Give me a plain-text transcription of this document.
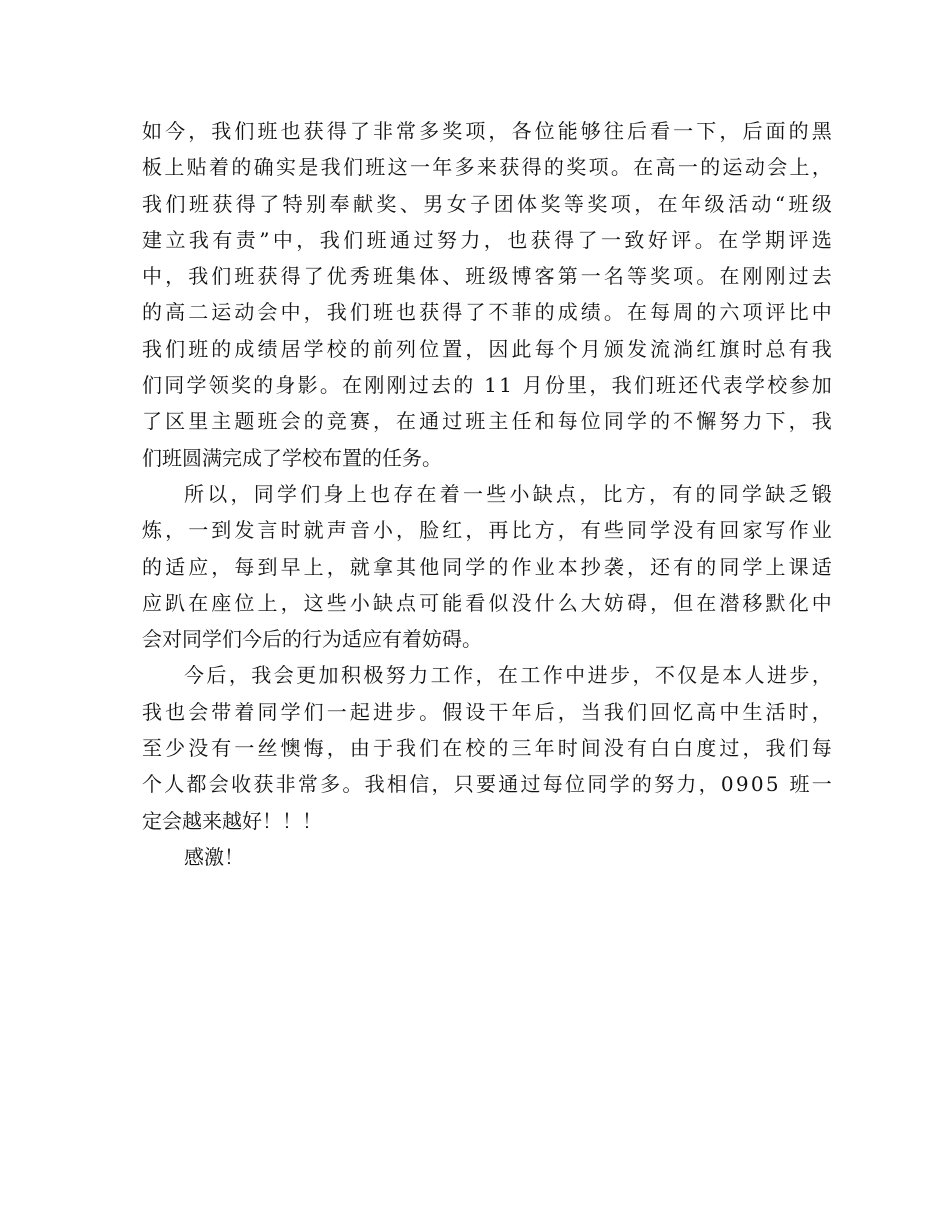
如 今 ， 我 们 班 也 获 得 了 非 常 多 奖 项 ， 各 位 能 够 往 后 看 一 下 ， 后 面 的 黑
板 上 贴 着 的 确 实 是 我 们 班 这 一 年 多 来 获 得 的 奖 项 。 在 高 一 的 运 动 会 上 ，
我 们 班 获 得 了 特 别 奉 献 奖 、 男 女 子 团 体 奖 等 奖 项 ， 在 年 级 活 动 “ 班 级
建 立 我 有 责 ” 中 ， 我 们 班 通 过 努 力 ， 也 获 得 了 一 致 好 评 。 在 学 期 评 选
中 ， 我 们 班 获 得 了 优 秀 班 集 体 、 班 级 博 客 第 一 名 等 奖 项 。 在 刚 刚 过 去
的 高 二 运 动 会 中 ， 我 们 班 也 获 得 了 不 菲 的 成 绩 。 在 每 周 的 六 项 评 比 中
我 们 班 的 成 绩 居 学 校 的 前 列 位 置 ， 因 此 每 个 月 颁 发 流 淌 红 旗 时 总 有 我
们 同 学 领 奖 的 身 影 。 在 刚 刚 过 去 的
1 1
月 份 里 ， 我 们 班 还 代 表 学 校 参 加
了 区 里 主 题 班 会 的 竞 赛 ， 在 通 过 班 主 任 和 每 位 同 学 的 不 懈 努 力 下 ， 我
们班圆满完成了学校布置的任务。
所 以 ， 同 学 们 身 上 也 存 在 着 一 些 小 缺 点 ， 比 方 ， 有 的 同 学 缺 乏 锻
炼 ， 一 到 发 言 时 就 声 音 小 ， 脸 红 ， 再 比 方 ， 有 些 同 学 没 有 回 家 写 作 业
的 适 应 ， 每 到 早 上 ， 就 拿 其 他 同 学 的 作 业 本 抄 袭 ， 还 有 的 同 学 上 课 适
应 趴 在 座 位 上 ， 这 些 小 缺 点 可 能 看 似 没 什 么 大 妨 碍 ， 但 在 潜 移 默 化 中
会对同学们今后的行为适应有着妨碍。
今 后 ， 我 会 更 加 积 极 努 力 工 作 ， 在 工 作 中 进 步 ， 不 仅 是 本 人 进 步 ，
我 也 会 带 着 同 学 们 一 起 进 步 。 假 设 干 年 后 ， 当 我 们 回 忆 高 中 生 活 时 ，
至 少 没 有 一 丝 懊 悔 ， 由 于 我 们 在 校 的 三 年 时 间 没 有 白 白 度 过 ， 我 们 每
个 人 都 会 收 获 非 常 多 。 我 相 信 ， 只 要 通 过 每 位 同 学 的 努 力 ， 0 9 0 5
班 一
定会越来越好！！！
感激！
